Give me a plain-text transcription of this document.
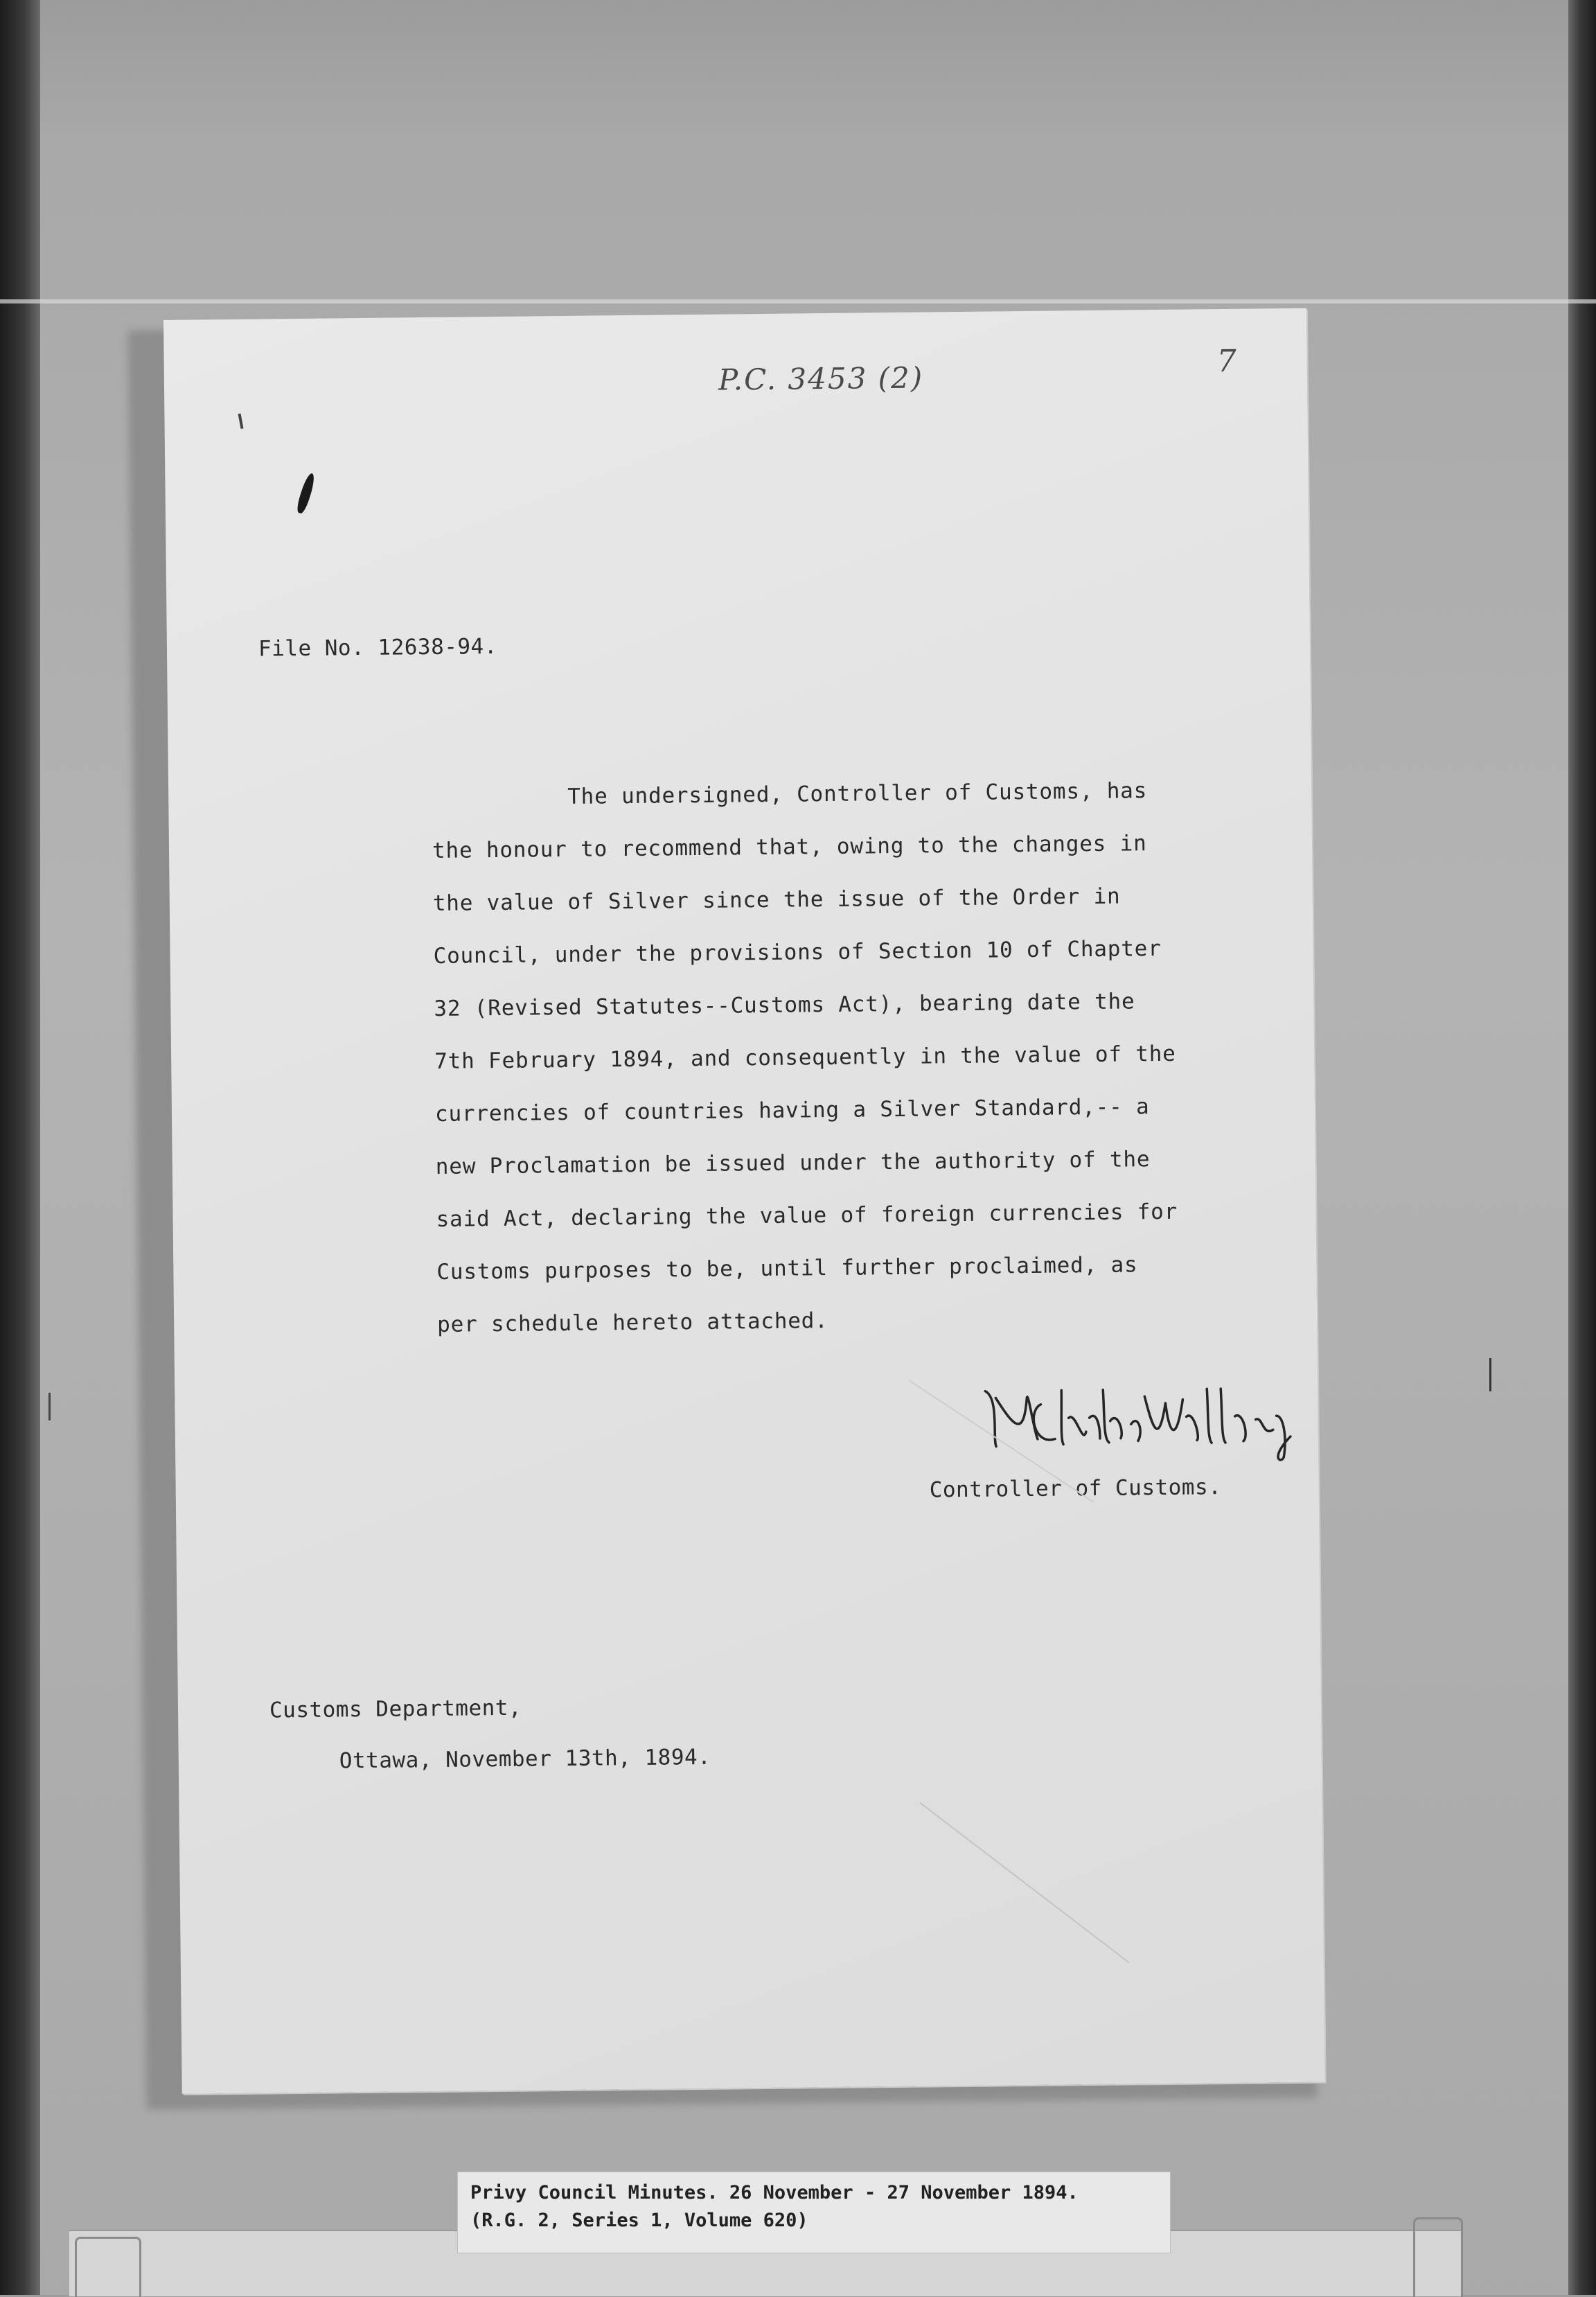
P.C. 3453 (2)	7
File No. 12638-94.
The undersigned, Controller of Customs, has
the honour to recommend that, owing to the changes in
the value of Silver since the issue of the Order in
Council, under the provisions of Section 10 of Chapter
32 (Revised Statutes--Customs Act), bearing date the
7th February 1894, and consequently in the value of the
currencies of countries having a Silver Standard,-- a
new Proclamation be issued under the authority of the
said Act, declaring the value of foreign currencies for
Customs purposes to be, until further proclaimed, as
per schedule hereto attached.
Controller of Customs.
Customs Department,
Ottawa, November 13th, 1894.
Privy Council Minutes. 26 November - 27 November 1894.
(R.G. 2, Series 1, Volume 620)
